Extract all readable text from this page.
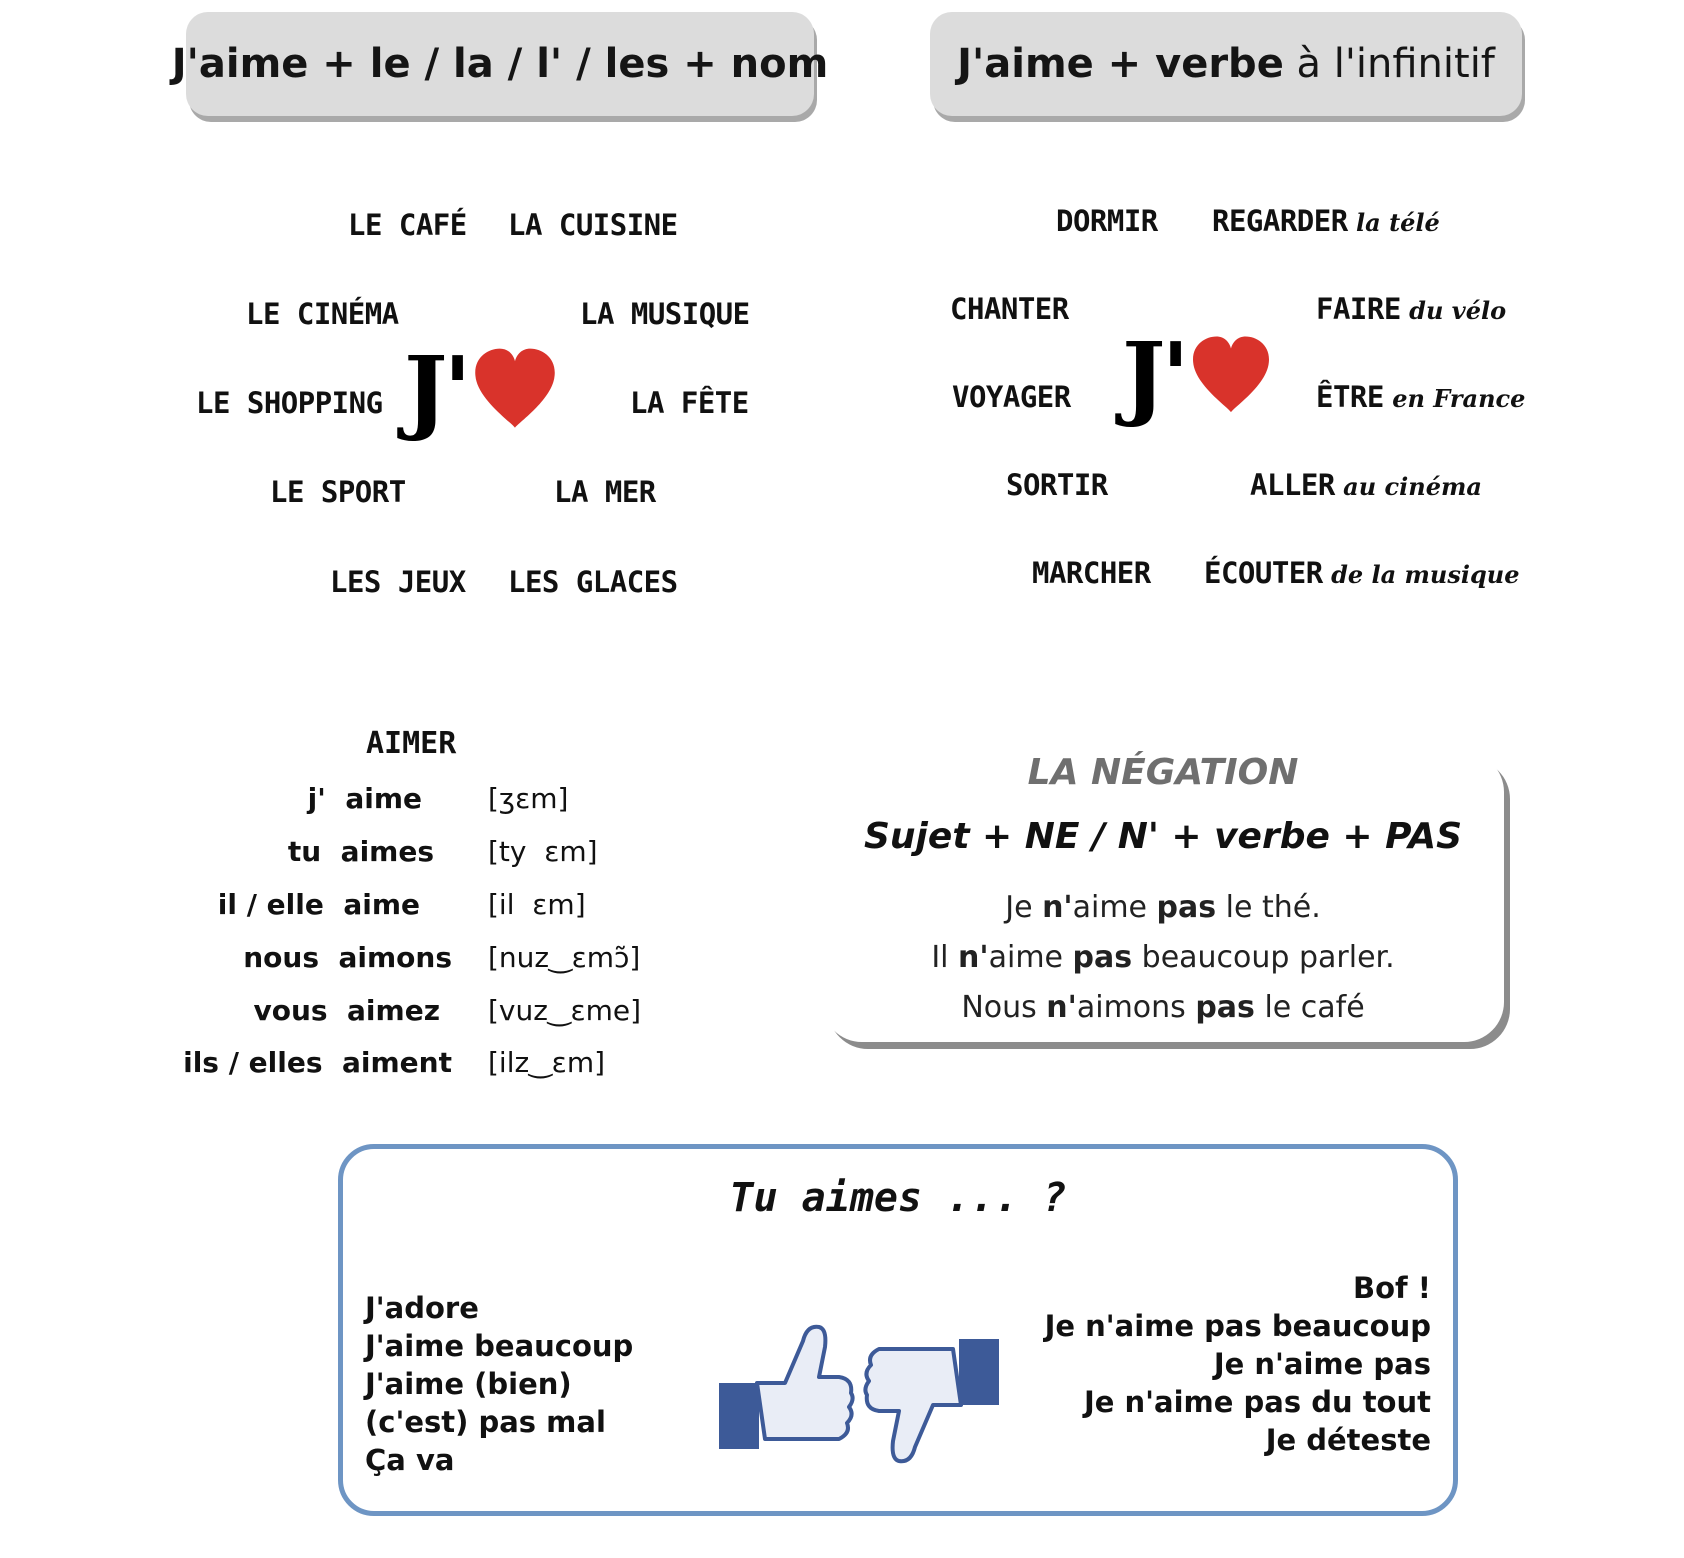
J'aime + le / la / l' / les + nom	J'aime + verbe à l'infinitif
LE CAFÉ LA CUISINE
LE CINÉMA	LA MUSIQUE
LE SHOPPING	LA FÊTE
LE SPORT	LA MER
LES JEUX LES GLACES
J'
DORMIR REGARDER la télé
CHANTER	FAIRE du vélo
VOYAGER	ÊTRE en France
SORTIR	ALLER au cinéma
MARCHER ÉCOUTER de la musique
J'
AIMER
j'  aime [ʒɛm]
tu  aimes [ty  ɛm]
il / elle  aime [il  ɛm]
nous  aimons [nuz‿ɛmɔ̃]
vous  aimez [vuz‿ɛme]
ils / elles  aiment [ilz‿ɛm]
LA NÉGATION
Sujet + NE / N' + verbe + PAS
Je n'aime pas le thé.
Il n'aime pas beaucoup parler.
Nous n'aimons pas le café
Tu aimes ... ?
J'adore
J'aime beaucoup
J'aime (bien)
(c'est) pas mal
Ça va
Bof !
Je n'aime pas beaucoup
Je n'aime pas
Je n'aime pas du tout
Je déteste
